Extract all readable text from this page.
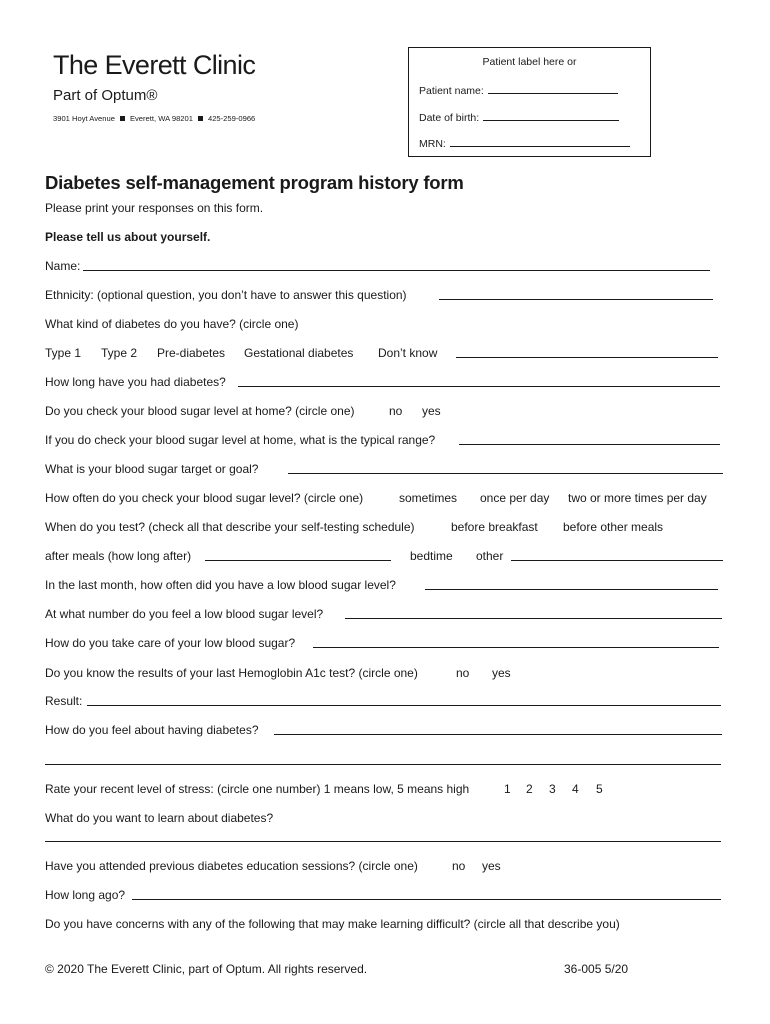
The Everett Clinic
Part of Optum®
3901 Hoyt Avenue Everett, WA 98201 425-259-0966
Patient label here or
Patient name:
Date of birth:
MRN:
Diabetes self-management program history form
Please print your responses on this form.
Please tell us about yourself.
Name:
Ethnicity: (optional question, you don’t have to answer this question)
What kind of diabetes do you have? (circle one)
Type 1 Type 2 Pre-diabetes Gestational diabetes Don’t know
How long have you had diabetes?
Do you check your blood sugar level at home? (circle one)	no yes
If you do check your blood sugar level at home, what is the typical range?
What is your blood sugar target or goal?
How often do you check your blood sugar level? (circle one)	sometimes once per day two or more times per day
When do you test? (check all that describe your self-testing schedule)	before breakfast before other meals
after meals (how long after)	bedtime other
In the last month, how often did you have a low blood sugar level?
At what number do you feel a low blood sugar level?
How do you take care of your low blood sugar?
Do you know the results of your last Hemoglobin A1c test? (circle one)	no yes
Result:
How do you feel about having diabetes?
Rate your recent level of stress: (circle one number) 1 means low, 5 means high	1 2 3 4 5
What do you want to learn about diabetes?
Have you attended previous diabetes education sessions? (circle one)	no yes
How long ago?
Do you have concerns with any of the following that may make learning difficult? (circle all that describe you)
© 2020 The Everett Clinic, part of Optum. All rights reserved.	36-005 5/20
